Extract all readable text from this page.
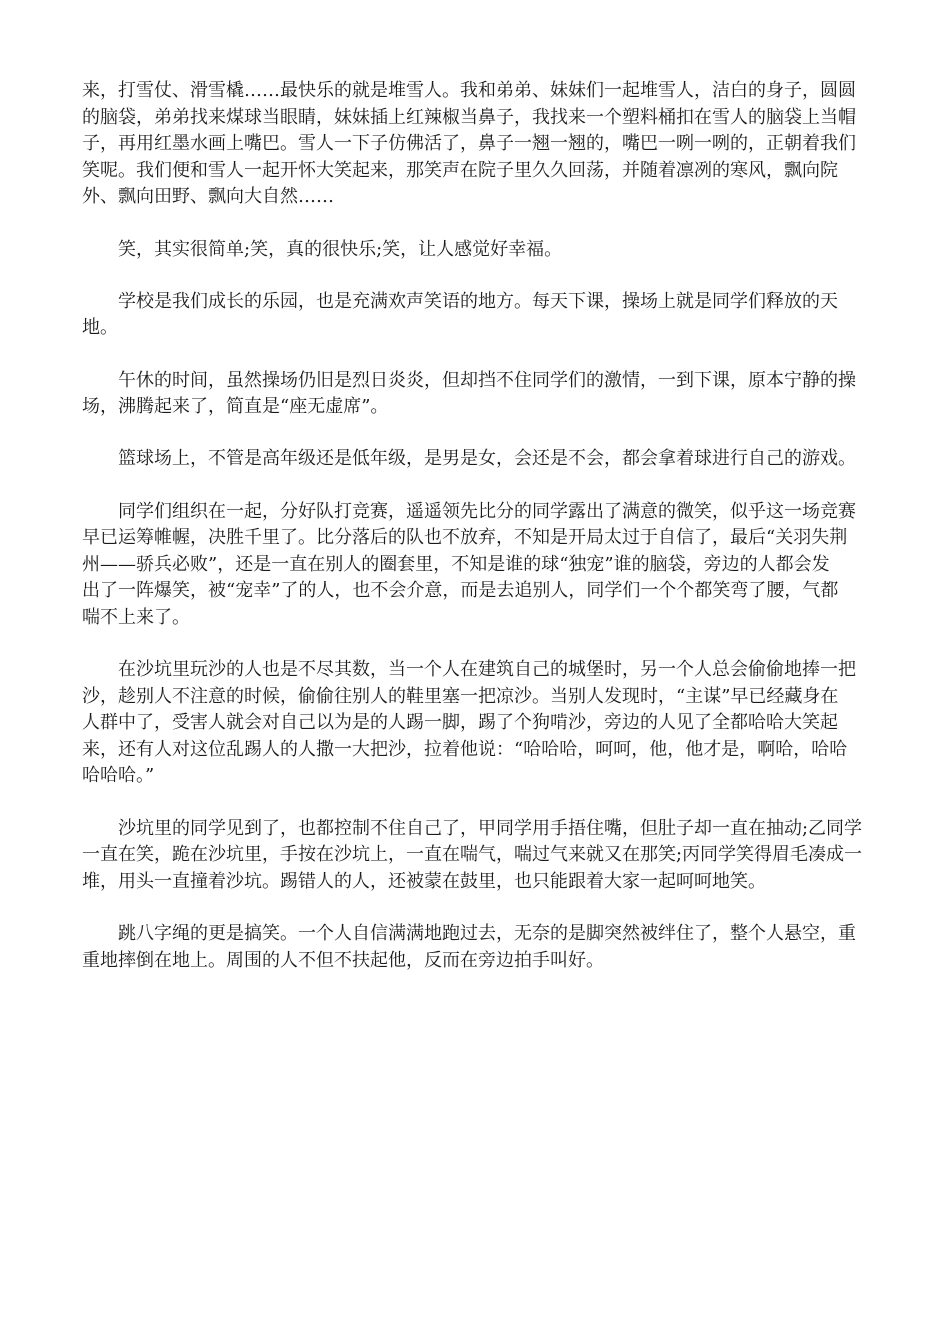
来，打雪仗、滑雪橇……最快乐的就是堆雪人。我和弟弟、妹妹们一起堆雪人，洁白的身子，圆圆
的脑袋，弟弟找来煤球当眼睛，妹妹插上红辣椒当鼻子，我找来一个塑料桶扣在雪人的脑袋上当帽
子，再用红墨水画上嘴巴。雪人一下子仿佛活了，鼻子一翘一翘的，嘴巴一咧一咧的，正朝着我们
笑呢。我们便和雪人一起开怀大笑起来，那笑声在院子里久久回荡，并随着凛冽的寒风，飘向院
外、飘向田野、飘向大自然……
笑，其实很简单;笑，真的很快乐;笑，让人感觉好幸福。
学校是我们成长的乐园，也是充满欢声笑语的地方。每天下课，操场上就是同学们释放的天
地。
午休的时间，虽然操场仍旧是烈日炎炎，但却挡不住同学们的激情，一到下课，原本宁静的操
场，沸腾起来了，简直是“座无虚席”。
篮球场上，不管是高年级还是低年级，是男是女，会还是不会，都会拿着球进行自己的游戏。
同学们组织在一起，分好队打竞赛，遥遥领先比分的同学露出了满意的微笑，似乎这一场竞赛
早已运筹帷幄，决胜千里了。比分落后的队也不放弃，不知是开局太过于自信了，最后“关羽失荆
州——骄兵必败”，还是一直在别人的圈套里，不知是谁的球“独宠”谁的脑袋，旁边的人都会发
出了一阵爆笑，被“宠幸”了的人，也不会介意，而是去追别人，同学们一个个都笑弯了腰，气都
喘不上来了。
在沙坑里玩沙的人也是不尽其数，当一个人在建筑自己的城堡时，另一个人总会偷偷地捧一把
沙，趁别人不注意的时候，偷偷往别人的鞋里塞一把凉沙。当别人发现时，“主谋”早已经藏身在
人群中了，受害人就会对自己以为是的人踢一脚，踢了个狗啃沙，旁边的人见了全都哈哈大笑起
来，还有人对这位乱踢人的人撒一大把沙，拉着他说：“哈哈哈，呵呵，他，他才是，啊哈，哈哈
哈哈哈。”
沙坑里的同学见到了，也都控制不住自己了，甲同学用手捂住嘴，但肚子却一直在抽动;乙同学
一直在笑，跪在沙坑里，手按在沙坑上，一直在喘气，喘过气来就又在那笑;丙同学笑得眉毛凑成一
堆，用头一直撞着沙坑。踢错人的人，还被蒙在鼓里，也只能跟着大家一起呵呵地笑。
跳八字绳的更是搞笑。一个人自信满满地跑过去，无奈的是脚突然被绊住了，整个人悬空，重
重地摔倒在地上。周围的人不但不扶起他，反而在旁边拍手叫好。
